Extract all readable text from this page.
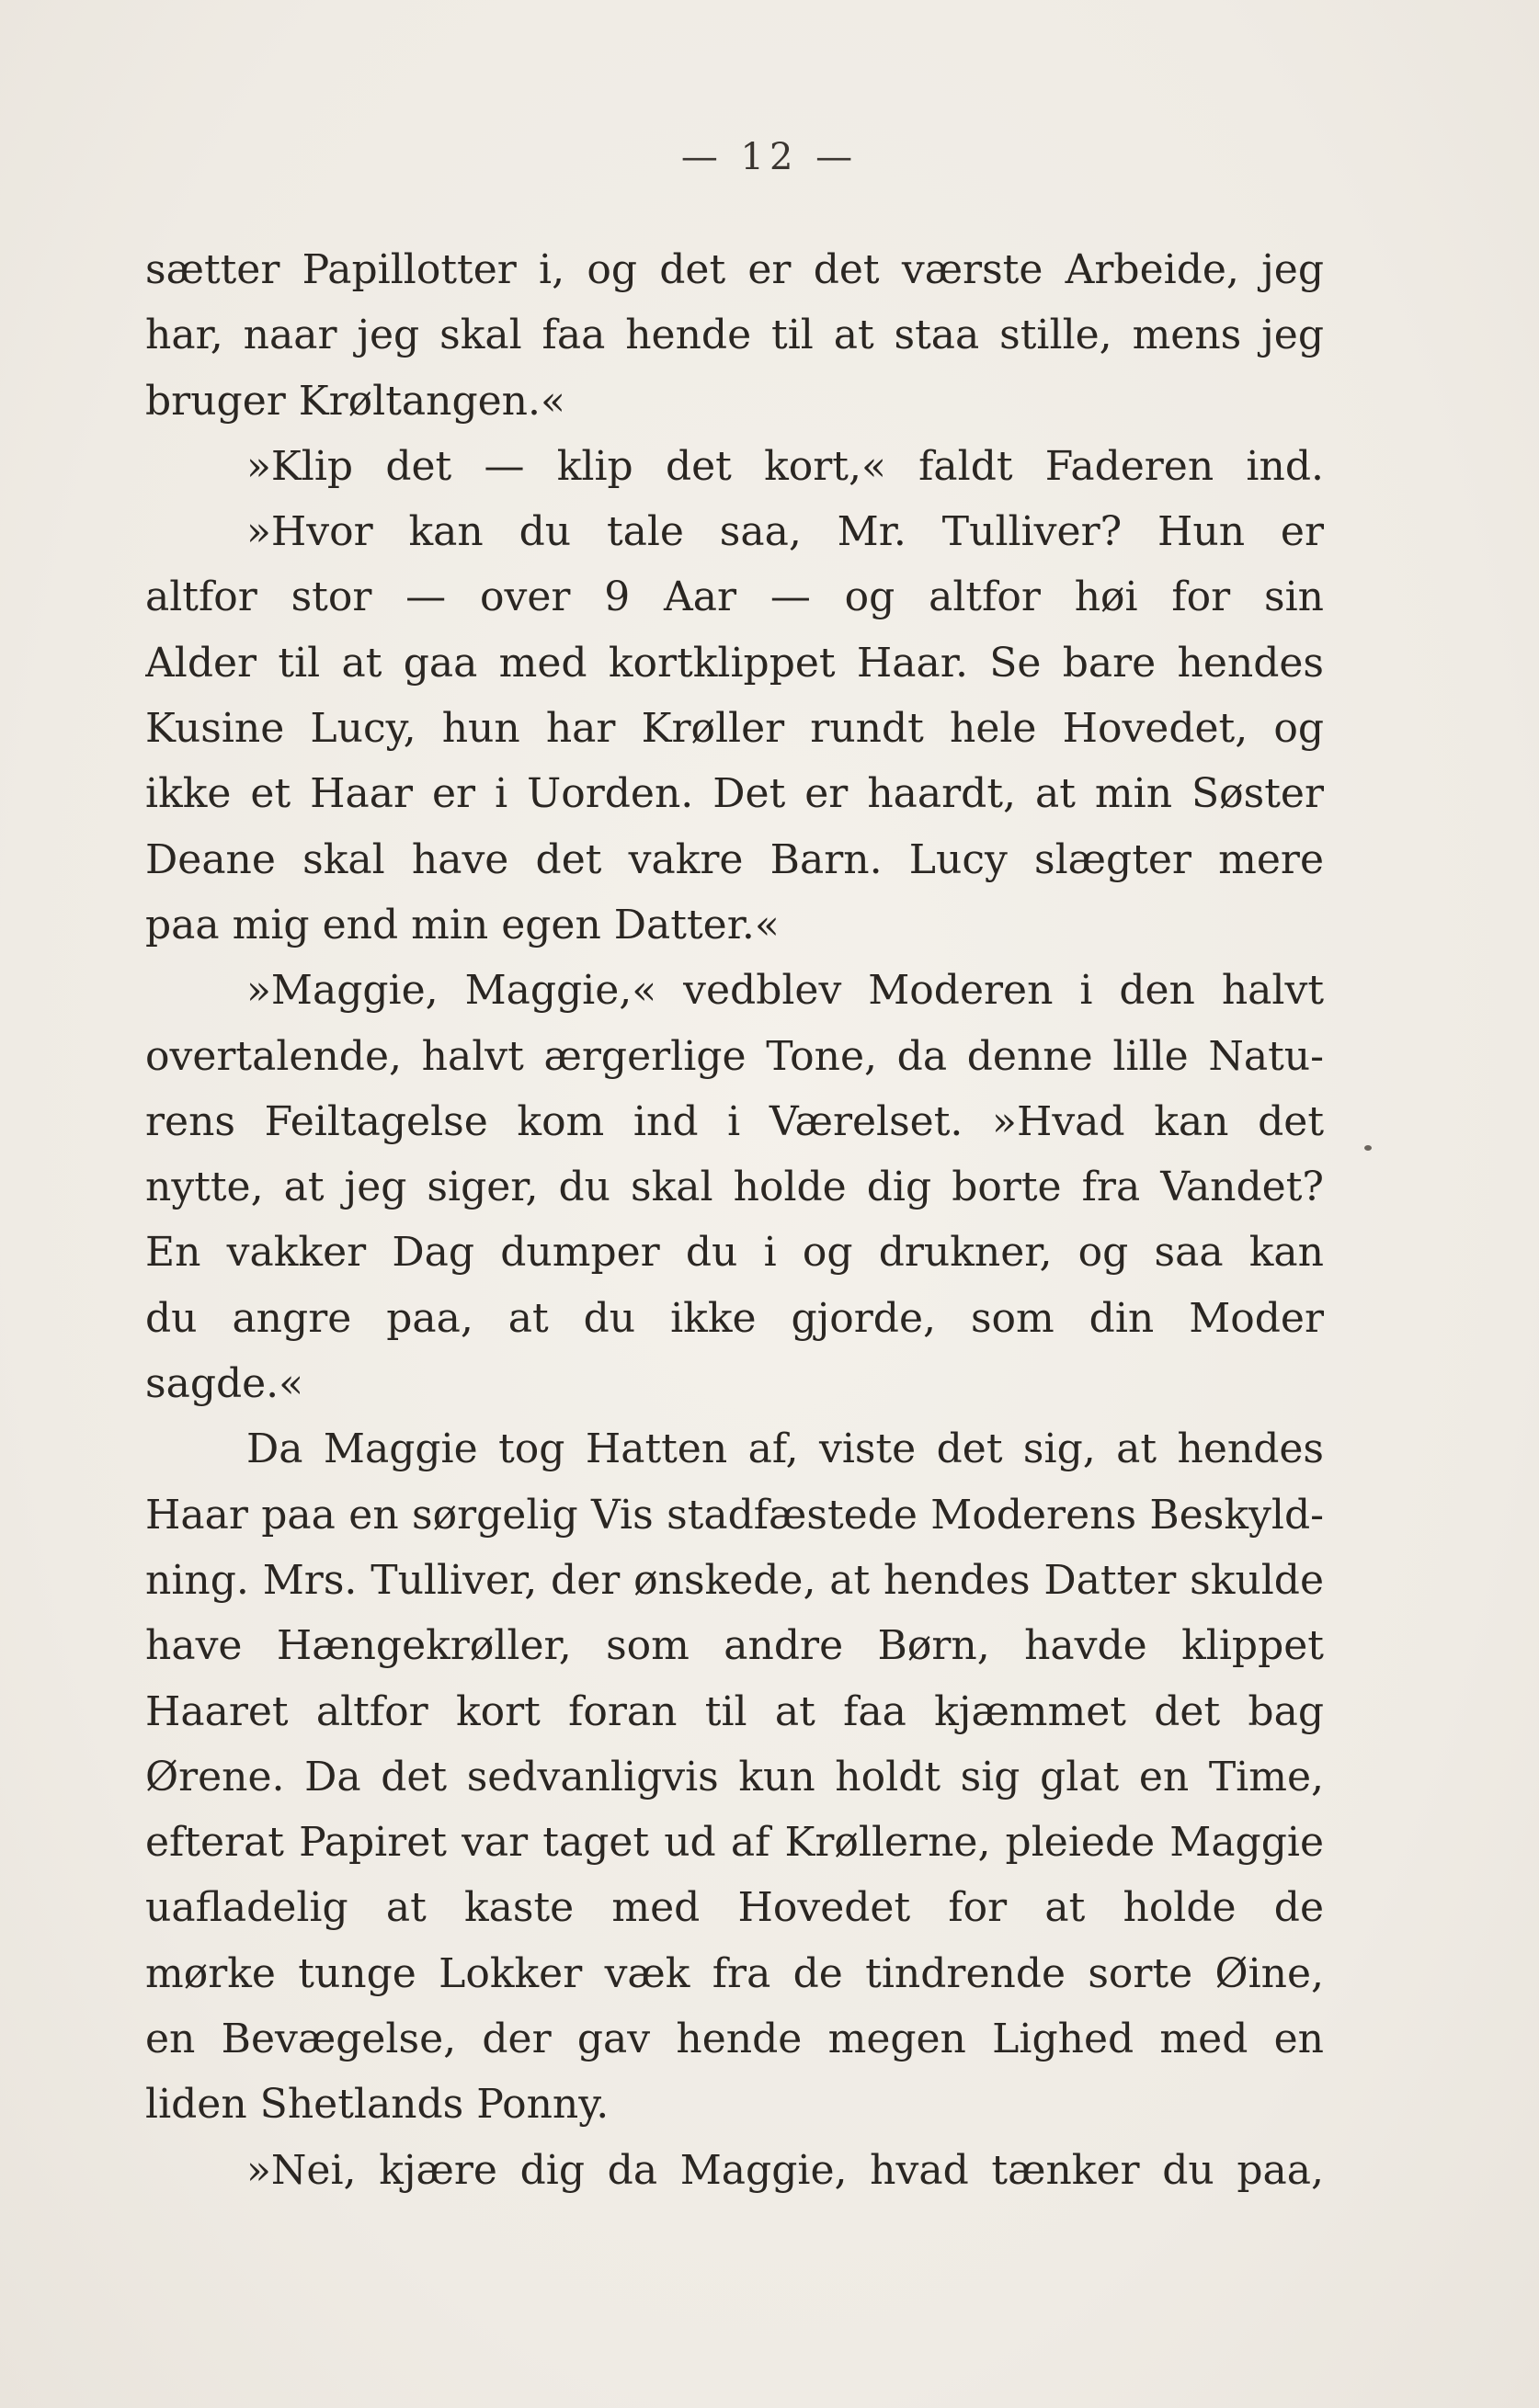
— 12 —
sætter Papillotter i, og det er det værste Arbeide, jeg
har, naar jeg skal faa hende til at staa stille, mens jeg
bruger Krøltangen.«
»Klip det — klip det kort,« faldt Faderen ind.
»Hvor kan du tale saa, Mr. Tulliver? Hun er
altfor stor — over 9 Aar — og altfor høi for sin
Alder til at gaa med kortklippet Haar. Se bare hendes
Kusine Lucy, hun har Krøller rundt hele Hovedet, og
ikke et Haar er i Uorden. Det er haardt, at min Søster
Deane skal have det vakre Barn. Lucy slægter mere
paa mig end min egen Datter.«
»Maggie, Maggie,« vedblev Moderen i den halvt
overtalende, halvt ærgerlige Tone, da denne lille Natu-
rens Feiltagelse kom ind i Værelset. »Hvad kan det
nytte, at jeg siger, du skal holde dig borte fra Vandet?
En vakker Dag dumper du i og drukner, og saa kan
du angre paa, at du ikke gjorde, som din Moder
sagde.«
Da Maggie tog Hatten af, viste det sig, at hendes
Haar paa en sørgelig Vis stadfæstede Moderens Beskyld-
ning. Mrs. Tulliver, der ønskede, at hendes Datter skulde
have Hængekrøller, som andre Børn, havde klippet
Haaret altfor kort foran til at faa kjæmmet det bag
Ørene. Da det sedvanligvis kun holdt sig glat en Time,
efterat Papiret var taget ud af Krøllerne, pleiede Maggie
uafladelig at kaste med Hovedet for at holde de
mørke tunge Lokker væk fra de tindrende sorte Øine,
en Bevægelse, der gav hende megen Lighed med en
liden Shetlands Ponny.
»Nei, kjære dig da Maggie, hvad tænker du paa,
